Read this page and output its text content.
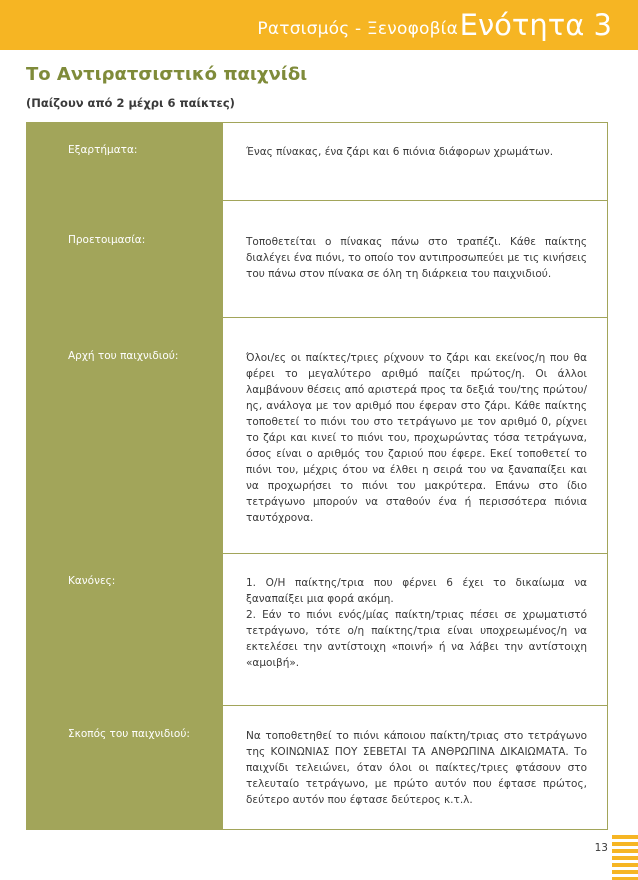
Ρατσισμός - Ξενοφοβία Ενότητα 3
Το Αντιρατσιστικό παιχνίδι
(Παίζουν από 2 μέχρι 6 παίκτες)
Εξαρτήματα:	Ένας πίνακας, ένα ζάρι και 6 πιόνια διάφορων χρωμάτων.

Προετοιμασία:	Τοποθετείται ο πίνακας πάνω στο τραπέζι. Κάθε παίκτης διαλέγει ένα πιόνι, το οποίο τον αντιπροσωπεύει με τις κινήσεις του πάνω στον πίνακα σε όλη τη διάρκεια του παιχνιδιού.

Αρχή του παιχνιδιού:	Όλοι/ες οι παίκτες/τριες ρίχνουν το ζάρι και εκείνος/η που θα φέρει το μεγαλύτερο αριθμό παίζει πρώτος/η. Οι άλλοι λαμβάνουν θέσεις από αριστερά προς τα δεξιά του/της πρώτου/ης, ανάλογα με τον αριθμό που έφεραν στο ζάρι. Κάθε παίκτης τοποθετεί το πιόνι του στο τετράγωνο με τον αριθμό 0, ρίχνει το ζάρι και κινεί το πιόνι του, προχωρώντας τόσα τετράγωνα, όσος είναι ο αριθμός του ζαριού που έφερε. Εκεί τοποθετεί το πιόνι του, μέχρις ότου να έλθει η σειρά του να ξαναπαίξει και να προχωρήσει το πιόνι του μακρύτερα. Επάνω στο ίδιο τετράγωνο μπορούν να σταθούν ένα ή περισσότερα πιόνια ταυτόχρονα.

Κανόνες:	1. Ο/Η παίκτης/τρια που φέρνει 6 έχει το δικαίωμα να ξαναπαίξει μια φορά ακόμη.

2. Εάν το πιόνι ενός/μίας παίκτη/τριας πέσει σε χρωματιστό τετράγωνο, τότε ο/η παίκτης/τρια είναι υποχρεωμένος/η να εκτελέσει την αντίστοιχη «ποινή» ή να λάβει την αντίστοιχη «αμοιβή».

Σκοπός του παιχνιδιού:	Να τοποθετηθεί το πιόνι κάποιου παίκτη/τριας στο τετράγωνο της ΚΟΙΝΩΝΙΑΣ ΠΟΥ ΣΕΒΕΤΑΙ ΤΑ ΑΝΘΡΩΠΙΝΑ ΔΙΚΑΙΩΜΑΤΑ. Το παιχνίδι τελειώνει, όταν όλοι οι παίκτες/τριες φτάσουν στο τελευταίο τετράγωνο, με πρώτο αυτόν που έφτασε πρώτος, δεύτερο αυτόν που έφτασε δεύτερος κ.τ.λ.

13
